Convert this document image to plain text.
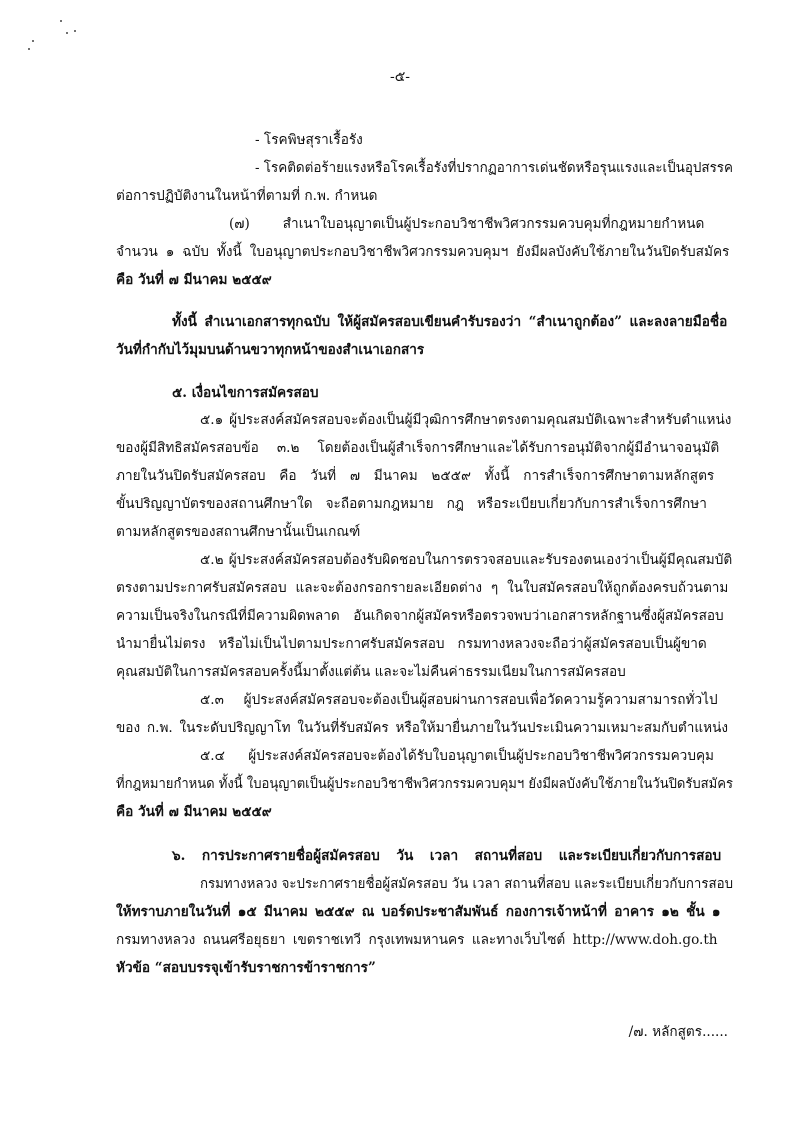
-๕-
- โรคพิษสุราเรื้อรัง
- โรคติดต่อร้ายแรงหรือโรคเรื้อรังที่ปรากฏอาการเด่นชัดหรือรุนแรงและเป็นอุปสรรค
ต่อการปฏิบัติงานในหน้าที่ตามที่ ก.พ. กำหนด
(๗) สำเนาใบอนุญาตเป็นผู้ประกอบวิชาชีพวิศวกรรมควบคุมที่กฎหมายกำหนด
จำนวน ๑ ฉบับ ทั้งนี้ ใบอนุญาตประกอบวิชาชีพวิศวกรรมควบคุมฯ ยังมีผลบังคับใช้ภายในวันปิดรับสมัคร
คือ วันที่ ๗ มีนาคม ๒๕๕๙
ทั้งนี้ สำเนาเอกสารทุกฉบับ ให้ผู้สมัครสอบเขียนคำรับรองว่า “สำเนาถูกต้อง” และลงลายมือชื่อ
วันที่กำกับไว้มุมบนด้านขวาทุกหน้าของสำเนาเอกสาร
๕. เงื่อนไขการสมัครสอบ
๕.๑ ผู้ประสงค์สมัครสอบจะต้องเป็นผู้มีวุฒิการศึกษาตรงตามคุณสมบัติเฉพาะสำหรับตำแหน่ง
ของผู้มีสิทธิสมัครสอบข้อ ๓.๒ โดยต้องเป็นผู้สำเร็จการศึกษาและได้รับการอนุมัติจากผู้มีอำนาจอนุมัติ
ภายในวันปิดรับสมัครสอบ คือ วันที่ ๗ มีนาคม ๒๕๕๙ ทั้งนี้ การสำเร็จการศึกษาตามหลักสูตร
ขั้นปริญญาบัตรของสถานศึกษาใด จะถือตามกฎหมาย กฎ หรือระเบียบเกี่ยวกับการสำเร็จการศึกษา
ตามหลักสูตรของสถานศึกษานั้นเป็นเกณฑ์
๕.๒ ผู้ประสงค์สมัครสอบต้องรับผิดชอบในการตรวจสอบและรับรองตนเองว่าเป็นผู้มีคุณสมบัติ
ตรงตามประกาศรับสมัครสอบ และจะต้องกรอกรายละเอียดต่าง ๆ ในใบสมัครสอบให้ถูกต้องครบถ้วนตาม
ความเป็นจริงในกรณีที่มีความผิดพลาด อันเกิดจากผู้สมัครหรือตรวจพบว่าเอกสารหลักฐานซึ่งผู้สมัครสอบ
นำมายื่นไม่ตรง หรือไม่เป็นไปตามประกาศรับสมัครสอบ กรมทางหลวงจะถือว่าผู้สมัครสอบเป็นผู้ขาด
คุณสมบัติในการสมัครสอบครั้งนี้มาตั้งแต่ต้น และจะไม่คืนค่าธรรมเนียมในการสมัครสอบ
๕.๓ ผู้ประสงค์สมัครสอบจะต้องเป็นผู้สอบผ่านการสอบเพื่อวัดความรู้ความสามารถทั่วไป
ของ ก.พ. ในระดับปริญญาโท ในวันที่รับสมัคร หรือให้มายื่นภายในวันประเมินความเหมาะสมกับตำแหน่ง
๕.๔ ผู้ประสงค์สมัครสอบจะต้องได้รับใบอนุญาตเป็นผู้ประกอบวิชาชีพวิศวกรรมควบคุม
ที่กฎหมายกำหนด ทั้งนี้ ใบอนุญาตเป็นผู้ประกอบวิชาชีพวิศวกรรมควบคุมฯ ยังมีผลบังคับใช้ภายในวันปิดรับสมัคร
คือ วันที่ ๗ มีนาคม ๒๕๕๙
๖. การประกาศรายชื่อผู้สมัครสอบ วัน เวลา สถานที่สอบ และระเบียบเกี่ยวกับการสอบ
กรมทางหลวง จะประกาศรายชื่อผู้สมัครสอบ วัน เวลา สถานที่สอบ และระเบียบเกี่ยวกับการสอบ
ให้ทราบภายในวันที่ ๑๕ มีนาคม ๒๕๕๙ ณ บอร์ดประชาสัมพันธ์ กองการเจ้าหน้าที่ อาคาร ๑๒ ชั้น ๑
กรมทางหลวง ถนนศรีอยุธยา เขตราชเทวี กรุงเทพมหานคร และทางเว็บไซต์ http://www.doh.go.th
หัวข้อ “สอบบรรจุเข้ารับราชการข้าราชการ”
/๗. หลักสูตร......
